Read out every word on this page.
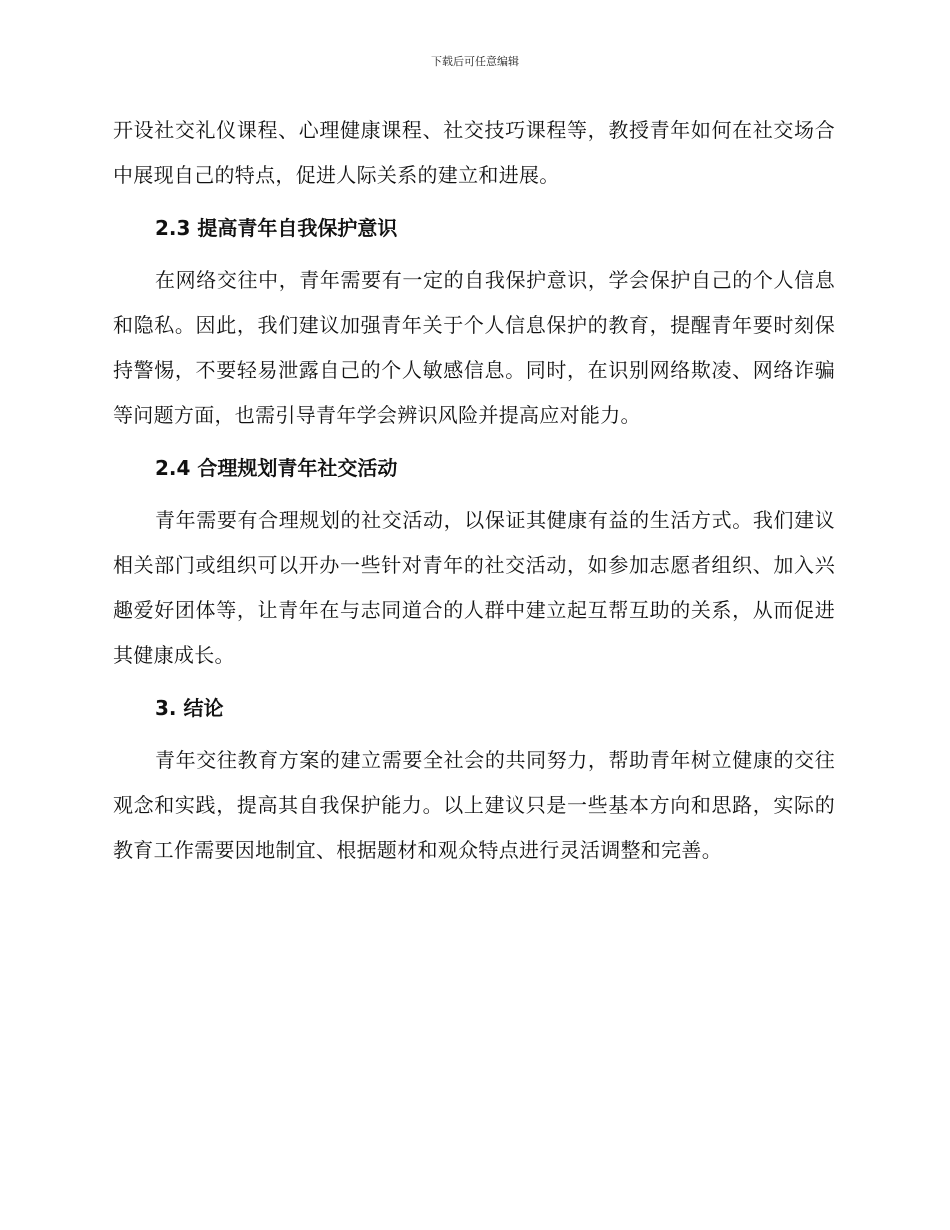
下载后可任意编辑

开设社交礼仪课程、心理健康课程、社交技巧课程等，教授青年如何在社交场合中展现自己的特点，促进人际关系的建立和进展。

2.3 提高青年自我保护意识

在网络交往中，青年需要有一定的自我保护意识，学会保护自己的个人信息和隐私。因此，我们建议加强青年关于个人信息保护的教育，提醒青年要时刻保持警惕，不要轻易泄露自己的个人敏感信息。同时，在识别网络欺凌、网络诈骗等问题方面，也需引导青年学会辨识风险并提高应对能力。

2.4 合理规划青年社交活动

青年需要有合理规划的社交活动，以保证其健康有益的生活方式。我们建议相关部门或组织可以开办一些针对青年的社交活动，如参加志愿者组织、加入兴趣爱好团体等，让青年在与志同道合的人群中建立起互帮互助的关系，从而促进其健康成长。

3. 结论

青年交往教育方案的建立需要全社会的共同努力，帮助青年树立健康的交往观念和实践，提高其自我保护能力。以上建议只是一些基本方向和思路，实际的教育工作需要因地制宜、根据题材和观众特点进行灵活调整和完善。
